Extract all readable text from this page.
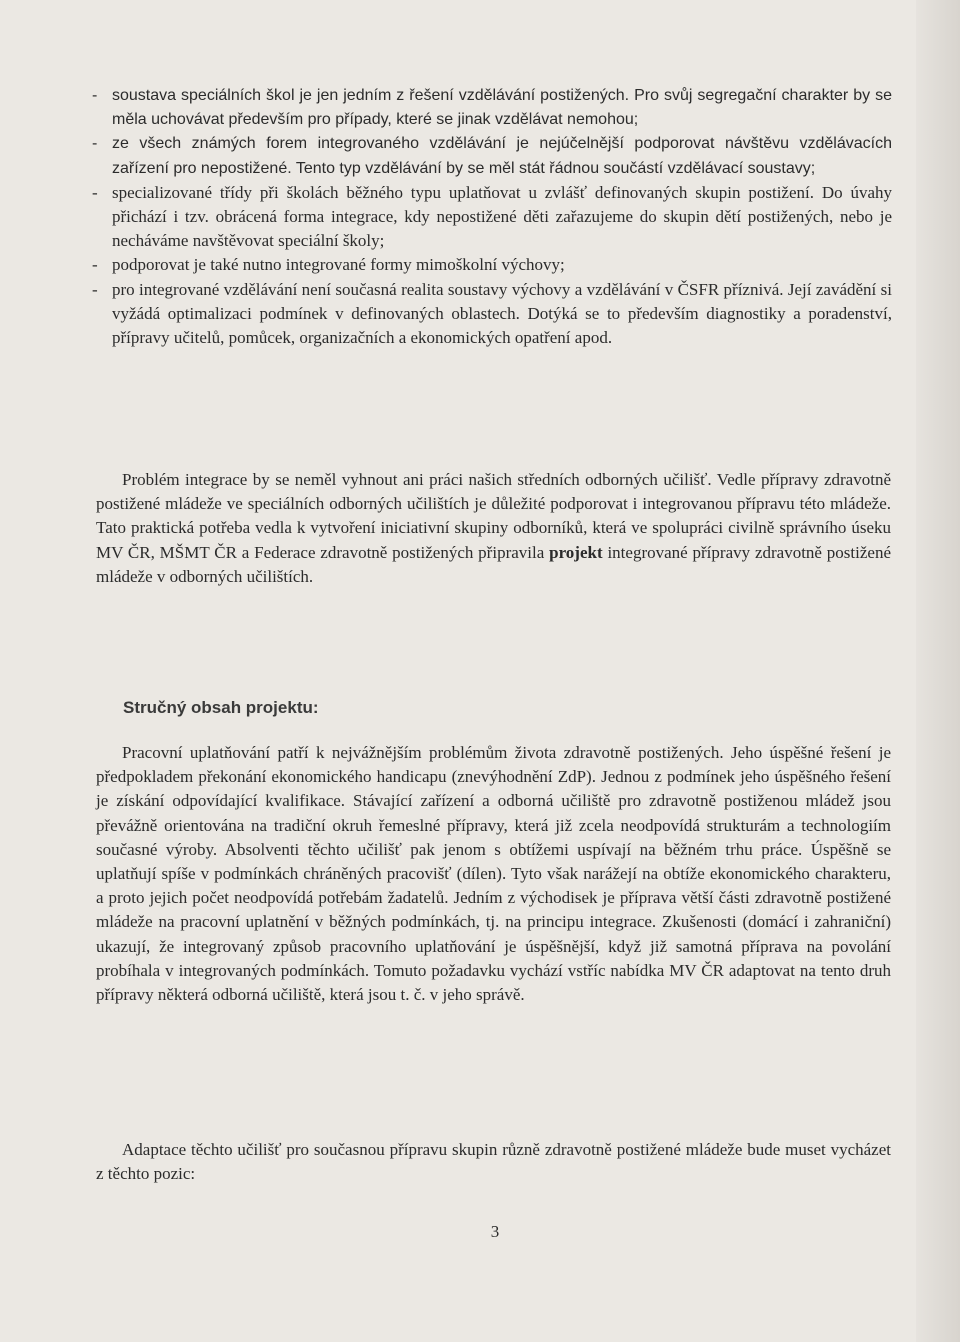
- soustava speciálních škol je jen jedním z řešení vzdělávání postižených. Pro svůj segregační charakter by se měla uchovávat především pro případy, které se jinak vzdělávat nemohou;
- ze všech známých forem integrovaného vzdělávání je nejúčelnější podporovat návštěvu vzdělávacích zařízení pro nepostižené. Tento typ vzdělávání by se měl stát řádnou součástí vzdělávací soustavy;
- specializované třídy při školách běžného typu uplatňovat u zvlášť definovaných skupin postižení. Do úvahy přichází i tzv. obrácená forma integrace, kdy nepostižené děti zařazujeme do skupin dětí postižených, nebo je necháváme navštěvovat speciální školy;
- podporovat je také nutno integrované formy mimoškolní výchovy;
- pro integrované vzdělávání není současná realita soustavy výchovy a vzdělávání v ČSFR příznivá. Její zavádění si vyžádá optimalizaci podmínek v definovaných oblastech. Dotýká se to především diagnostiky a poradenství, přípravy učitelů, pomůcek, organizačních a ekonomických opatření apod.

Problém integrace by se neměl vyhnout ani práci našich středních odborných učilišť. Vedle přípravy zdravotně postižené mládeže ve speciálních odborných učilištích je důležité podporovat i integrovanou přípravu této mládeže. Tato praktická potřeba vedla k vytvoření iniciativní skupiny odborníků, která ve spolupráci civilně správního úseku MV ČR, MŠMT ČR a Federace zdravotně postižených připravila projekt integrované přípravy zdravotně postižené mládeže v odborných učilištích.

Stručný obsah projektu:

Pracovní uplatňování patří k nejvážnějším problémům života zdravotně postižených. Jeho úspěšné řešení je předpokladem překonání ekonomického handicapu (znevýhodnění ZdP). Jednou z podmínek jeho úspěšného řešení je získání odpovídající kvalifikace. Stávající zařízení a odborná učiliště pro zdravotně postiženou mládež jsou převážně orientována na tradiční okruh řemeslné přípravy, která již zcela neodpovídá strukturám a technologiím současné výroby. Absolventi těchto učilišť pak jenom s obtížemi uspívají na běžném trhu práce. Úspěšně se uplatňují spíše v podmínkách chráněných pracovišť (dílen). Tyto však narážejí na obtíže ekonomického charakteru, a proto jejich počet neodpovídá potřebám žadatelů. Jedním z východisek je příprava větší části zdravotně postižené mládeže na pracovní uplatnění v běžných podmínkách, tj. na principu integrace. Zkušenosti (domácí i zahraniční) ukazují, že integrovaný způsob pracovního uplatňování je úspěšnější, když již samotná příprava na povolání probíhala v integrovaných podmínkách. Tomuto požadavku vychází vstříc nabídka MV ČR adaptovat na tento druh přípravy některá odborná učiliště, která jsou t. č. v jeho správě.

Adaptace těchto učilišť pro současnou přípravu skupin různě zdravotně postižené mládeže bude muset vycházet z těchto pozic:

3
